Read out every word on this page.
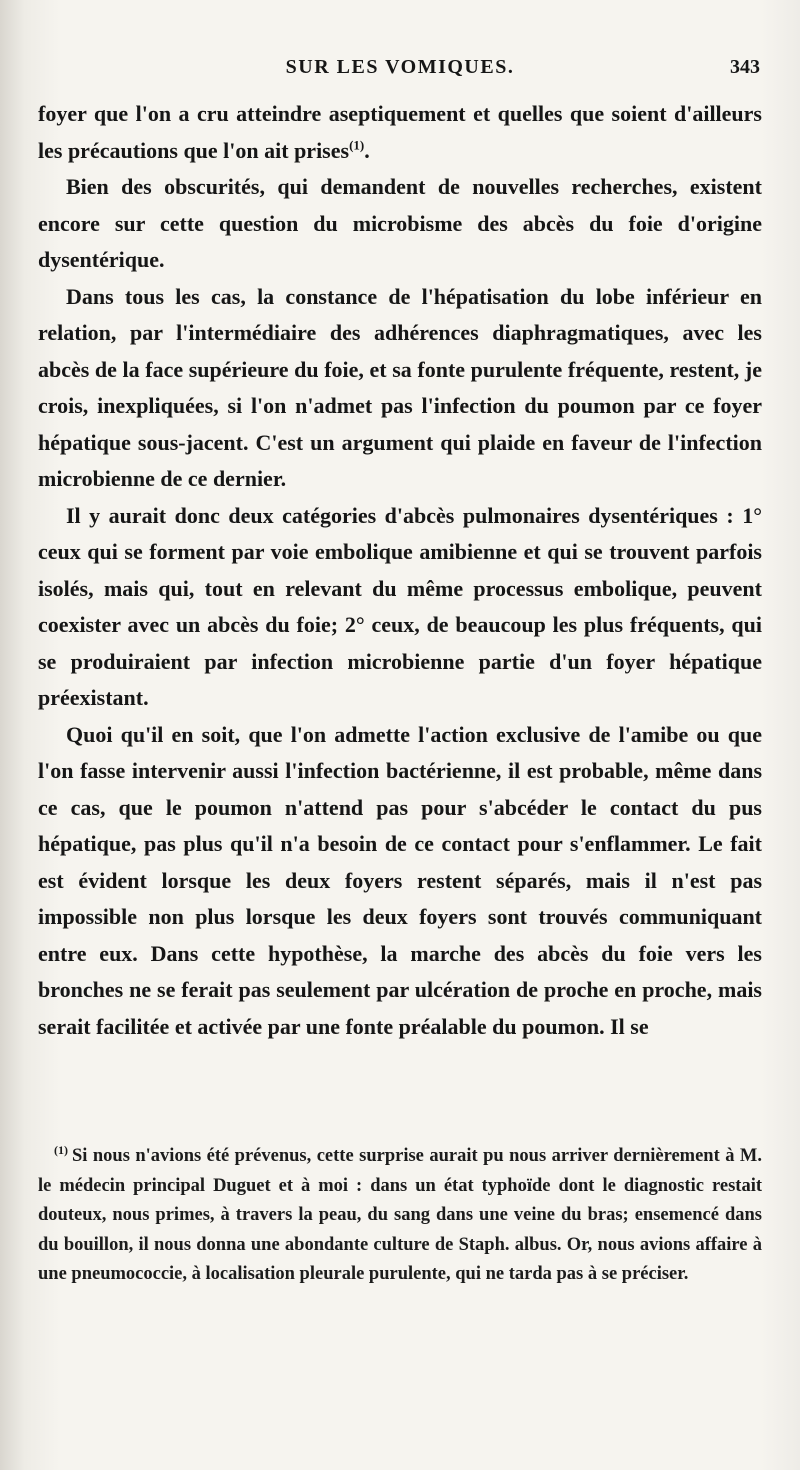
SUR LES VOMIQUES.	343

foyer que l'on a cru atteindre aseptiquement et quelles que soient d'ailleurs les précautions que l'on ait prises$^{(1)}$.

Bien des obscurités, qui demandent de nouvelles recherches, existent encore sur cette question du microbisme des abcès du foie d'origine dysentérique.

Dans tous les cas, la constance de l'hépatisation du lobe inférieur en relation, par l'intermédiaire des adhérences diaphragmatiques, avec les abcès de la face supérieure du foie, et sa fonte purulente fréquente, restent, je crois, inexpliquées, si l'on n'admet pas l'infection du poumon par ce foyer hépatique sous-jacent. C'est un argument qui plaide en faveur de l'infection microbienne de ce dernier.

Il y aurait donc deux catégories d'abcès pulmonaires dysentériques : 1° ceux qui se forment par voie embolique amibienne et qui se trouvent parfois isolés, mais qui, tout en relevant du même processus embolique, peuvent coexister avec un abcès du foie; 2° ceux, de beaucoup les plus fréquents, qui se produiraient par infection microbienne partie d'un foyer hépatique préexistant.

Quoi qu'il en soit, que l'on admette l'action exclusive de l'amibe ou que l'on fasse intervenir aussi l'infection bactérienne, il est probable, même dans ce cas, que le poumon n'attend pas pour s'abcéder le contact du pus hépatique, pas plus qu'il n'a besoin de ce contact pour s'enflammer. Le fait est évident lorsque les deux foyers restent séparés, mais il n'est pas impossible non plus lorsque les deux foyers sont trouvés communiquant entre eux. Dans cette hypothèse, la marche des abcès du foie vers les bronches ne se ferait pas seulement par ulcération de proche en proche, mais serait facilitée et activée par une fonte préalable du poumon. Il se

$^{(1)}$ Si nous n'avions été prévenus, cette surprise aurait pu nous arriver dernièrement à M. le médecin principal Duguet et à moi : dans un état typhoïde dont le diagnostic restait douteux, nous primes, à travers la peau, du sang dans une veine du bras; ensemencé dans du bouillon, il nous donna une abondante culture de Staph. albus. Or, nous avions affaire à une pneumococcie, à localisation pleurale purulente, qui ne tarda pas à se préciser.
